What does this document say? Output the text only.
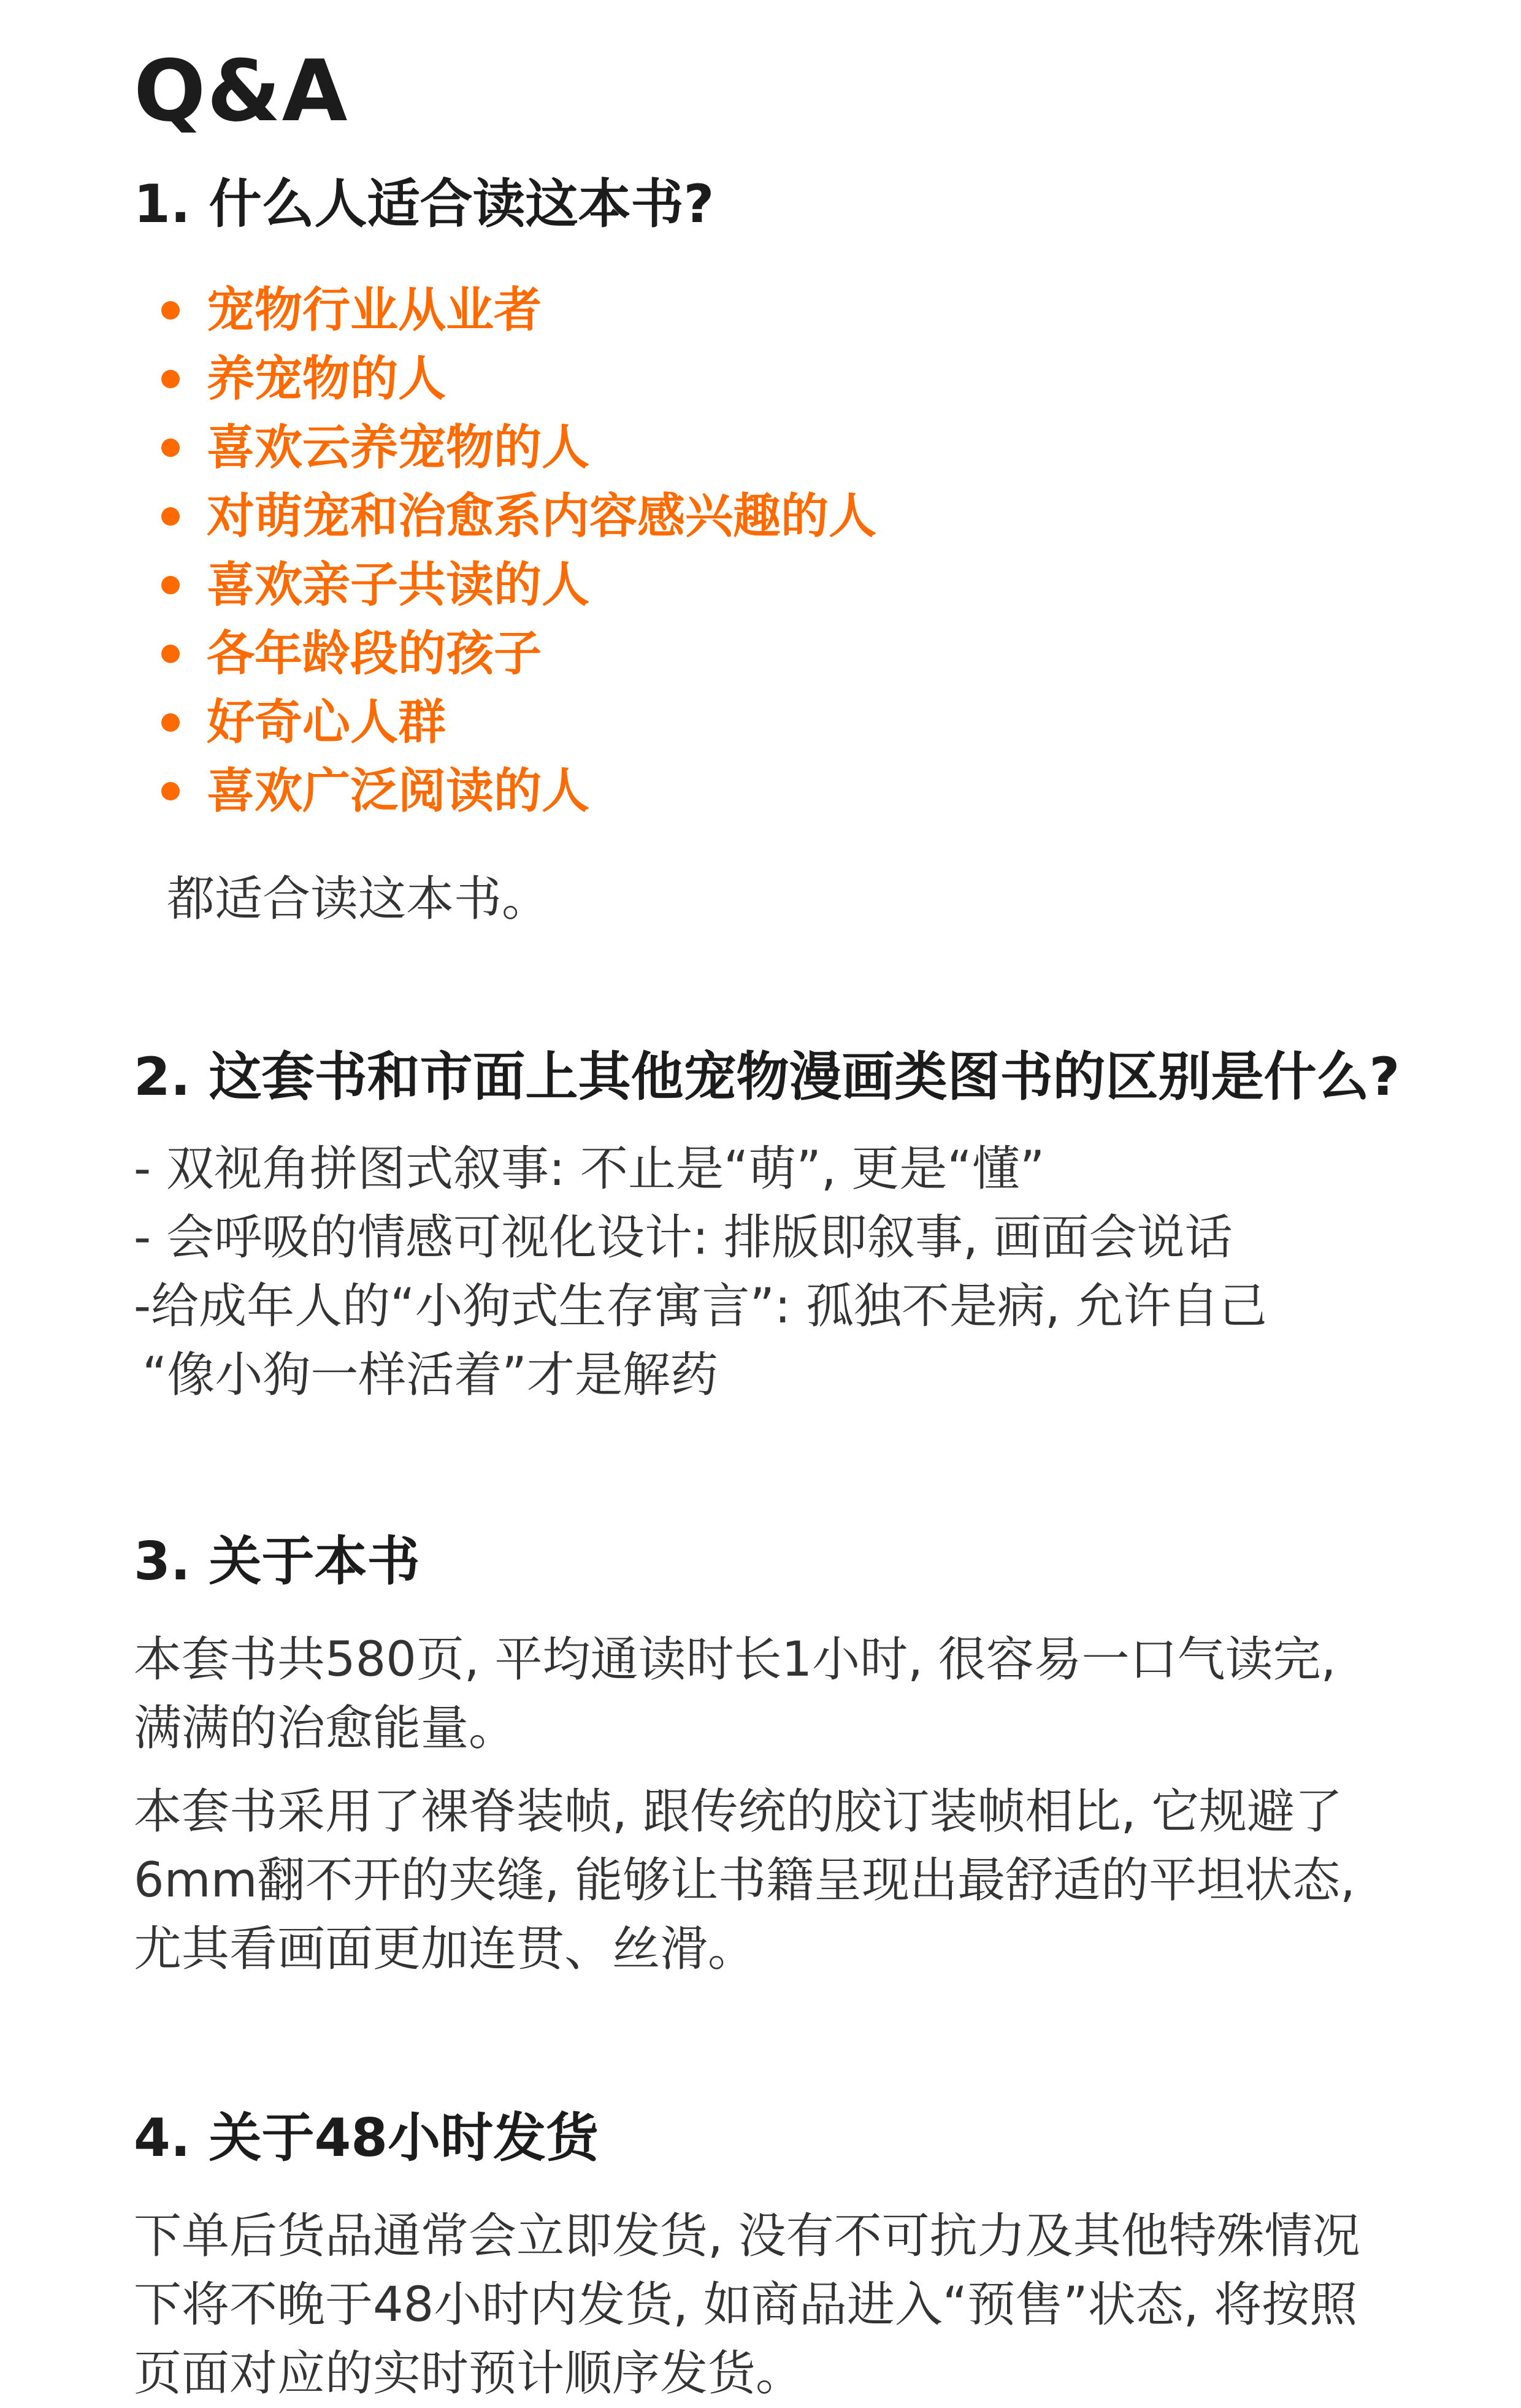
Q&A
1. 什么人适合读这本书?
宠物行业从业者
养宠物的人
喜欢云养宠物的人
对萌宠和治愈系内容感兴趣的人
喜欢亲子共读的人
各年龄段的孩子
好奇心人群
喜欢广泛阅读的人

都适合读这本书。

2. 这套书和市面上其他宠物漫画类图书的区别是什么?

- 双视角拼图式叙事: 不止是“萌”, 更是“懂”
- 会呼吸的情感可视化设计: 排版即叙事, 画面会说话
-给成年人的“小狗式生存寓言”: 孤独不是病, 允许自己
“像小狗一样活着”才是解药

3. 关于本书

本套书共580页, 平均通读时长1小时, 很容易一口气读完, 满满的治愈能量。

本套书采用了裸脊装帧, 跟传统的胶订装帧相比, 它规避了6mm翻不开的夹缝, 能够让书籍呈现出最舒适的平坦状态, 尤其看画面更加连贯、丝滑。

4. 关于48小时发货

下单后货品通常会立即发货, 没有不可抗力及其他特殊情况下将不晚于48小时内发货, 如商品进入“预售”状态, 将按照页面对应的实时预计顺序发货。
